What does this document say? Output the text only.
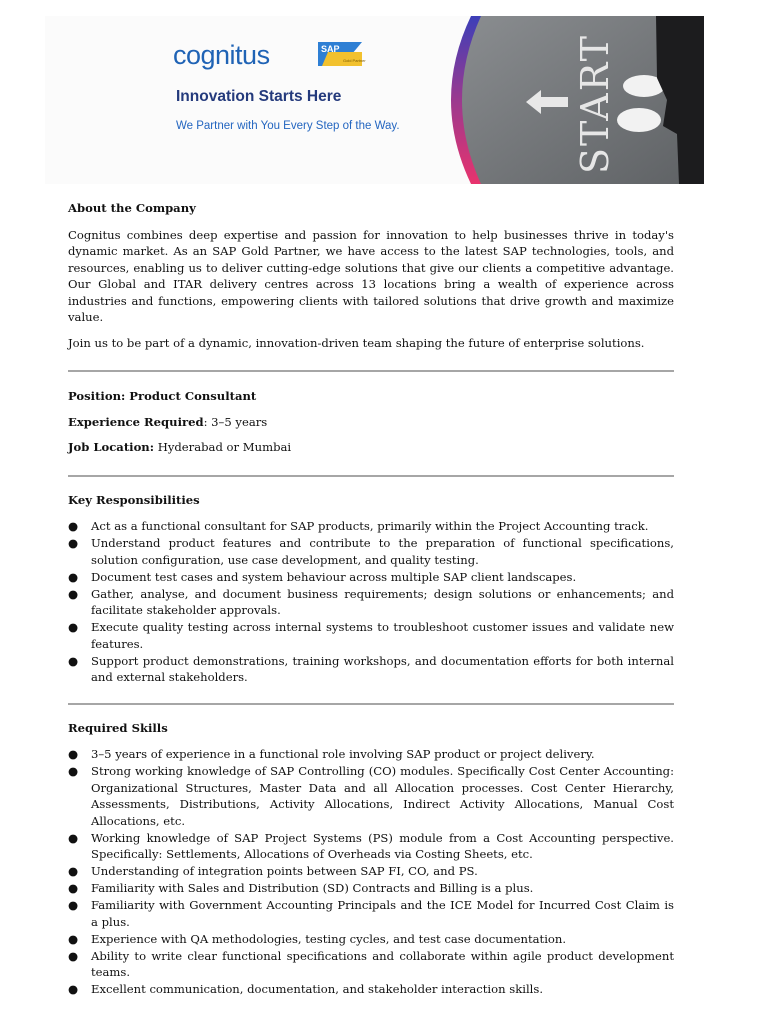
cognitus	SAP
Gold Partner
Innovation Starts Here
We Partner with You Every Step of the Way.	START
About the Company

Cognitus combines deep expertise and passion for innovation to help businesses thrive in today's dynamic market. As an SAP Gold Partner, we have access to the latest SAP technologies, tools, and resources, enabling us to deliver cutting-edge solutions that give our clients a competitive advantage. Our Global and ITAR delivery centres across 13 locations bring a wealth of experience across industries and functions, empowering clients with tailored solutions that drive growth and maximize value.

Join us to be part of a dynamic, innovation-driven team shaping the future of enterprise solutions.

Position: Product Consultant
Experience Required: 3–5 years
Job Location: Hyderabad or Mumbai
Key Responsibilities
● Act as a functional consultant for SAP products, primarily within the Project Accounting track.
● Understand product features and contribute to the preparation of functional specifications, solution configuration, use case development, and quality testing.
● Document test cases and system behaviour across multiple SAP client landscapes.
● Gather, analyse, and document business requirements; design solutions or enhancements; and facilitate stakeholder approvals.
● Execute quality testing across internal systems to troubleshoot customer issues and validate new features.
● Support product demonstrations, training workshops, and documentation efforts for both internal and external stakeholders.
Required Skills
● 3–5 years of experience in a functional role involving SAP product or project delivery.
● Strong working knowledge of SAP Controlling (CO) modules. Specifically Cost Center Accounting: Organizational Structures, Master Data and all Allocation processes. Cost Center Hierarchy, Assessments, Distributions, Activity Allocations, Indirect Activity Allocations, Manual Cost Allocations, etc.
● Working knowledge of SAP Project Systems (PS) module from a Cost Accounting perspective. Specifically: Settlements, Allocations of Overheads via Costing Sheets, etc.
● Understanding of integration points between SAP FI, CO, and PS.
● Familiarity with Sales and Distribution (SD) Contracts and Billing is a plus.
● Familiarity with Government Accounting Principals and the ICE Model for Incurred Cost Claim is a plus.
● Experience with QA methodologies, testing cycles, and test case documentation.
● Ability to write clear functional specifications and collaborate within agile product development teams.
● Excellent communication, documentation, and stakeholder interaction skills.
